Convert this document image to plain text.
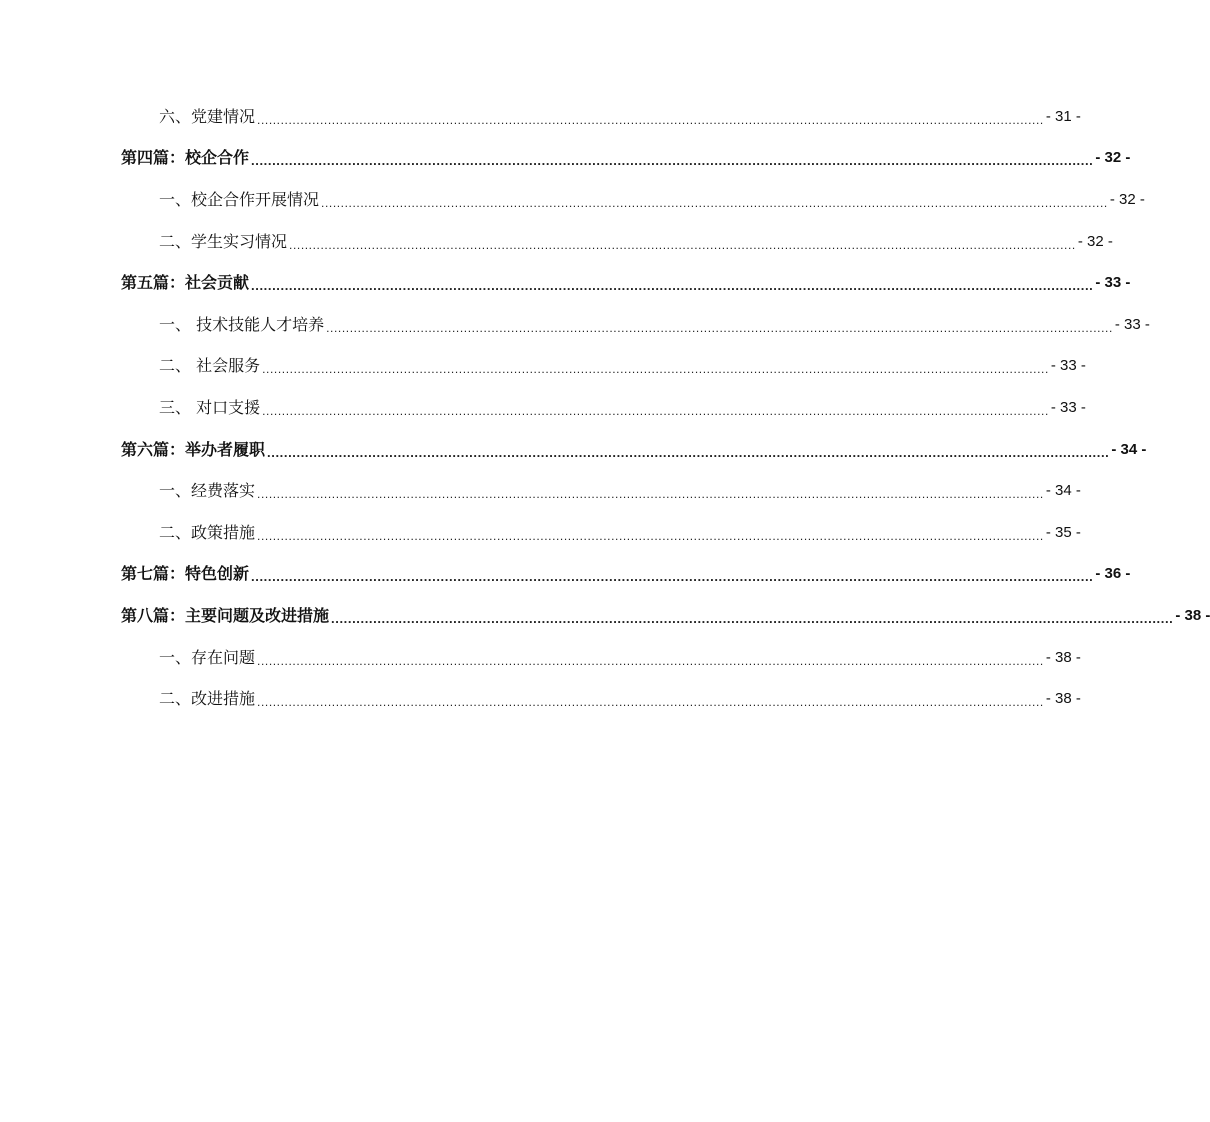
六、党建情况 ........................................................................................................................................................................................................ - 31 -
第四篇：校企合作 ........................................................................................................................................................................................................ - 32 -
一、校企合作开展情况 ........................................................................................................................................................................................................ - 32 -
二、学生实习情况 ........................................................................................................................................................................................................ - 32 -
第五篇：社会贡献 ........................................................................................................................................................................................................ - 33 -
一、 技术技能人才培养 ........................................................................................................................................................................................................ - 33 -
二、 社会服务 ........................................................................................................................................................................................................ - 33 -
三、 对口支援 ........................................................................................................................................................................................................ - 33 -
第六篇：举办者履职 ........................................................................................................................................................................................................ - 34 -
一、经费落实 ........................................................................................................................................................................................................ - 34 -
二、政策措施 ........................................................................................................................................................................................................ - 35 -
第七篇：特色创新 ........................................................................................................................................................................................................ - 36 -
第八篇：主要问题及改进措施 ........................................................................................................................................................................................................ - 38 -
一、存在问题 ........................................................................................................................................................................................................ - 38 -
二、改进措施 ........................................................................................................................................................................................................ - 38 -
